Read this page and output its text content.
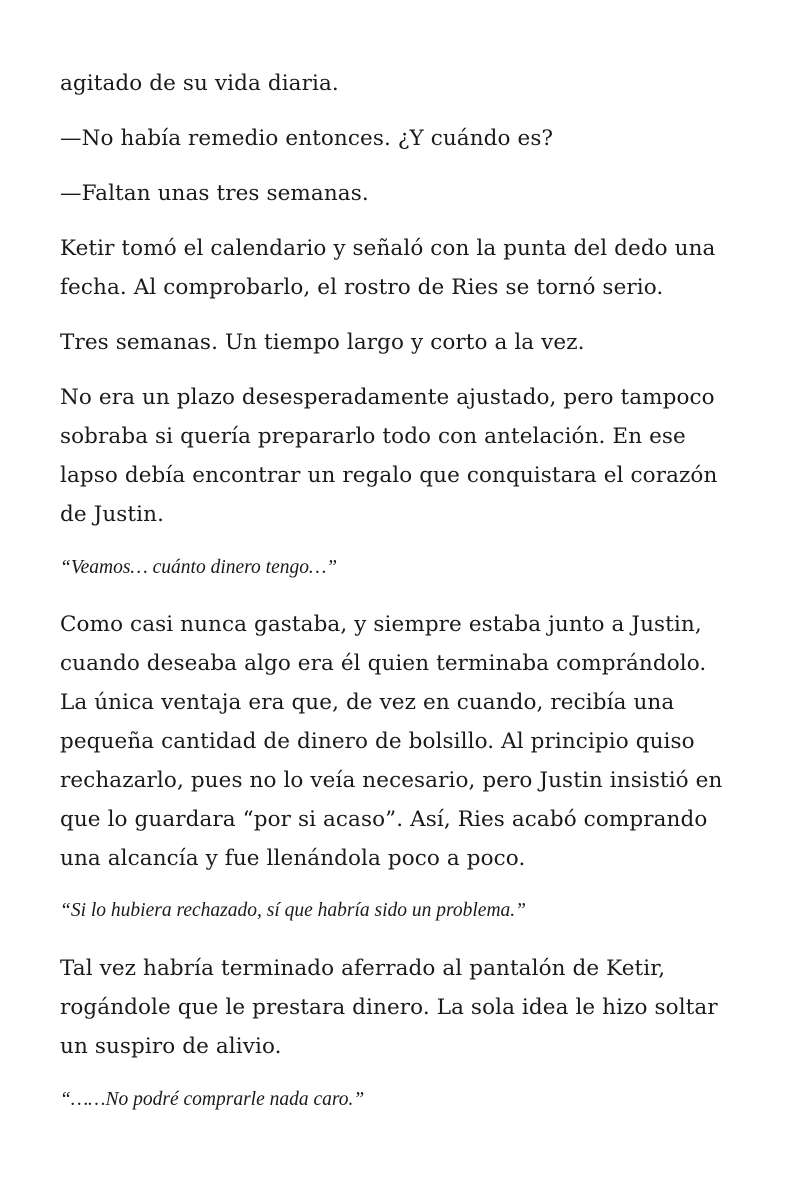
agitado de su vida diaria.

—No había remedio entonces. ¿Y cuándo es?

—Faltan unas tres semanas.

Ketir tomó el calendario y señaló con la punta del dedo una
fecha. Al comprobarlo, el rostro de Ries se tornó serio.

Tres semanas. Un tiempo largo y corto a la vez.

No era un plazo desesperadamente ajustado, pero tampoco
sobraba si quería prepararlo todo con antelación. En ese
lapso debía encontrar un regalo que conquistara el corazón
de Justin.

“Veamos… cuánto dinero tengo…”

Como casi nunca gastaba, y siempre estaba junto a Justin,
cuando deseaba algo era él quien terminaba comprándolo.
La única ventaja era que, de vez en cuando, recibía una
pequeña cantidad de dinero de bolsillo. Al principio quiso
rechazarlo, pues no lo veía necesario, pero Justin insistió en
que lo guardara “por si acaso”. Así, Ries acabó comprando
una alcancía y fue llenándola poco a poco.

“Si lo hubiera rechazado, sí que habría sido un problema.”

Tal vez habría terminado aferrado al pantalón de Ketir,
rogándole que le prestara dinero. La sola idea le hizo soltar
un suspiro de alivio.

“……No podré comprarle nada caro.”
